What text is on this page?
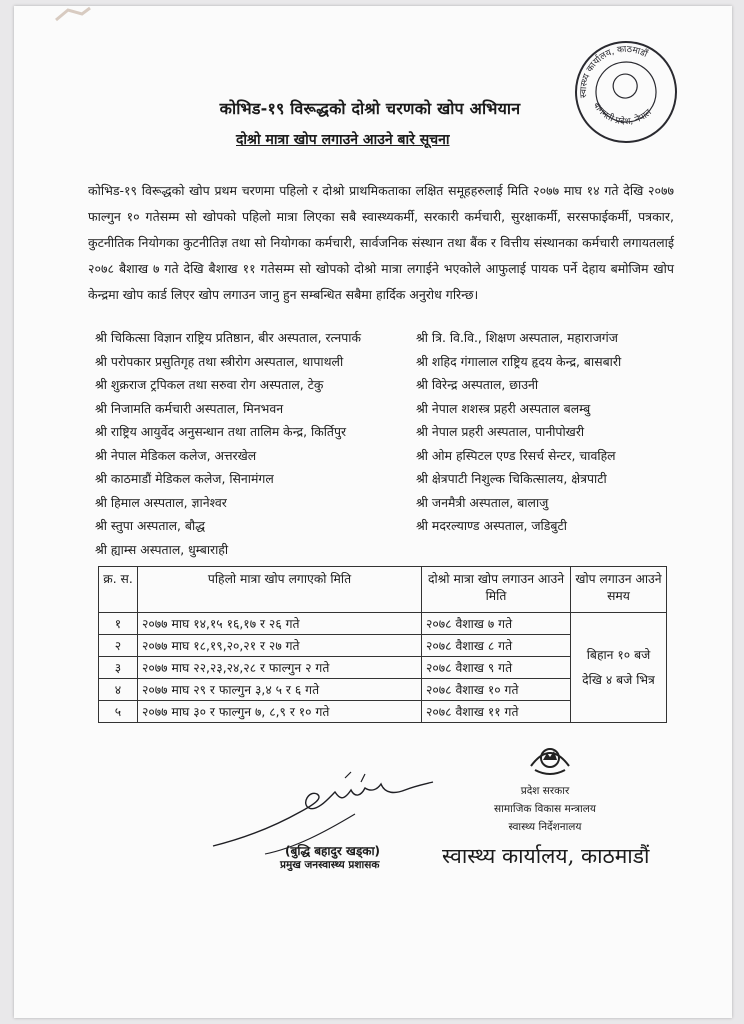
स्वास्थ्य कार्यालय, काठमाडौं
बागमती प्रदेश, नेपाल
कोभिड-१९ विरूद्धको दोश्रो चरणको खोप अभियान
दोश्रो मात्रा खोप लगाउने आउने बारे सूचना
कोभिड-१९ विरूद्धको खोप प्रथम चरणमा पहिलो र दोश्रो प्राथमिकताका लक्षित समूहहरुलाई मिति २०७७ माघ १४ गते देखि २०७७ फाल्गुन १० गतेसम्म सो खोपको पहिलो मात्रा लिएका सबै स्वास्थ्यकर्मी, सरकारी कर्मचारी, सुरक्षाकर्मी, सरसफाईकर्मी, पत्रकार, कुटनीतिक नियोगका कुटनीतिज्ञ तथा सो नियोगका कर्मचारी, सार्वजनिक संस्थान तथा बैंक र वित्तीय संस्थानका कर्मचारी लगायतलाई २०७८ बैशाख ७ गते देखि बैशाख ११ गतेसम्म सो खोपको दोश्रो मात्रा लगाईने भएकोले आफुलाई पायक पर्ने देहाय बमोजिम खोप केन्द्रमा खोप कार्ड लिएर खोप लगाउन जानु हुन सम्बन्धित सबैमा हार्दिक अनुरोध गरिन्छ।
श्री चिकित्सा विज्ञान राष्ट्रिय प्रतिष्ठान, बीर अस्पताल, रत्नपार्क
श्री परोपकार प्रसुतिगृह तथा स्त्रीरोग अस्पताल, थापाथली
श्री शुक्रराज ट्रपिकल तथा सरुवा रोग अस्पताल, टेकु
श्री निजामति कर्मचारी अस्पताल, मिनभवन
श्री राष्ट्रिय आयुर्वेद अनुसन्धान तथा तालिम केन्द्र, किर्तिपुर
श्री नेपाल मेडिकल कलेज, अत्तरखेल
श्री काठमाडौं मेडिकल कलेज, सिनामंगल
श्री हिमाल अस्पताल, ज्ञानेश्वर
श्री स्तुपा अस्पताल, बौद्ध
श्री ह्याम्स अस्पताल, धुम्बाराही
श्री त्रि. वि.वि., शिक्षण अस्पताल, महाराजगंज
श्री शहिद गंगालाल राष्ट्रिय हृदय केन्द्र, बासबारी
श्री विरेन्द्र अस्पताल, छाउनी
श्री नेपाल शशस्त्र प्रहरी अस्पताल बलम्बु
श्री नेपाल प्रहरी अस्पताल, पानीपोखरी
श्री ओम हस्पिटल एण्ड रिसर्च सेन्टर, चावहिल
श्री क्षेत्रपाटी निशुल्क चिकित्सालय, क्षेत्रपाटी
श्री जनमैत्री अस्पताल, बालाजु
श्री मदरल्याण्ड अस्पताल, जडिबुटी
क्र. स.	पहिलो मात्रा खोप लगाएको मिति	दोश्रो मात्रा खोप लगाउन आउने मिति	खोप लगाउन आउने समय
१	२०७७ माघ १४,१५ १६,१७ र २६ गते	२०७८ वैशाख ७ गते	बिहान १० बजे देखि ४ बजे भित्र
२	२०७७ माघ १८,१९,२०,२१ र २७ गते	२०७८ वैशाख ८ गते	
३	२०७७ माघ २२,२३,२४,२८ र फाल्गुन २ गते	२०७८ वैशाख ९ गते	
४	२०७७ माघ २९ र फाल्गुन ३,४ ५ र ६ गते	२०७८ वैशाख १० गते	
५	२०७७ माघ ३० र फाल्गुन ७, ८,९ र १० गते	२०७८ वैशाख ११ गते	
प्रदेश सरकार
सामाजिक विकास मन्त्रालय
स्वास्थ्य निर्देशनालय
स्वास्थ्य कार्यालय, काठमाडौं
(बुद्धि बहादुर खड्का)
प्रमुख जनस्वास्थ्य प्रशासक
